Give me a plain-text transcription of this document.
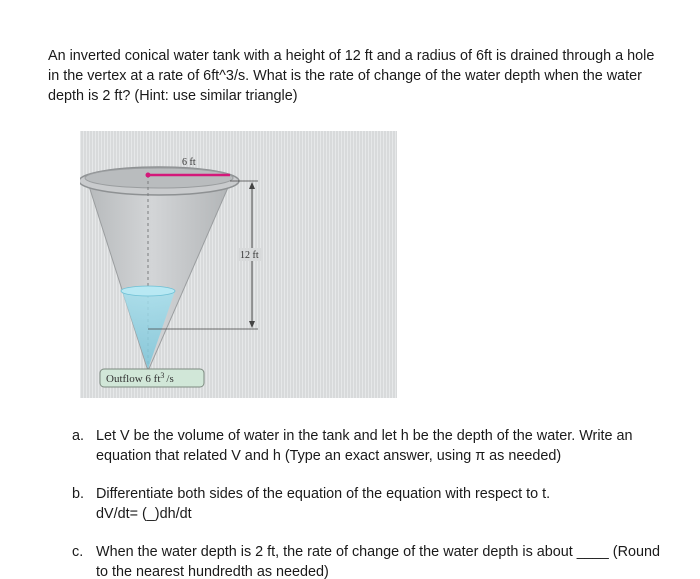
An inverted conical water tank with a height of 12 ft and a radius of 6ft is drained through a hole
in the vertex at a rate of 6ft^3/s. What is the rate of change of the water depth when the water
depth is 2 ft? (Hint: use similar triangle)
6 ft
12 ft
Outflow 6 $ft^3$ /s
a. Let V be the volume of water in the tank and let h be the depth of the water. Write an
equation that related V and h (Type an exact answer, using π as needed)
b. Differentiate both sides of the equation of the equation with respect to t.
dV/dt= (_)dh/dt
c. When the water depth is 2 ft, the rate of change of the water depth is about ____ (Round
to the nearest hundredth as needed)
